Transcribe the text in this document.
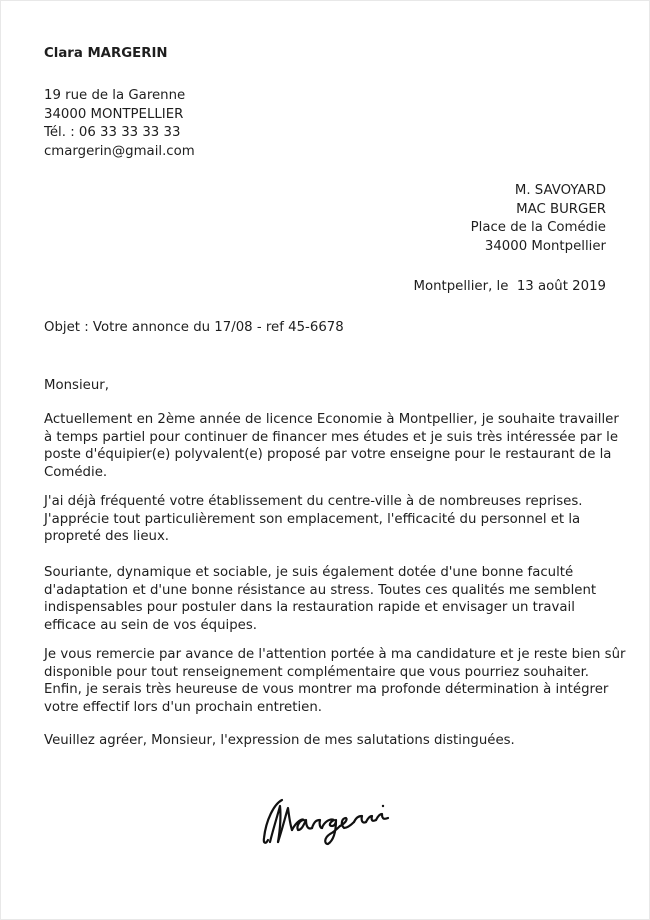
Clara MARGERIN
19 rue de la Garenne
34000 MONTPELLIER
Tél. : 06 33 33 33 33
cmargerin@gmail.com
M. SAVOYARD
MAC BURGER
Place de la Comédie
34000 Montpellier
Montpellier, le  13 août 2019
Objet : Votre annonce du 17/08 - ref 45-6678
Monsieur,
Actuellement en 2ème année de licence Economie à Montpellier, je souhaite travailler
à temps partiel pour continuer de financer mes études et je suis très intéressée par le
poste d'équipier(e) polyvalent(e) proposé par votre enseigne pour le restaurant de la
Comédie.
J'ai déjà fréquenté votre établissement du centre-ville à de nombreuses reprises.
J'apprécie tout particulièrement son emplacement, l'efficacité du personnel et la
propreté des lieux.
Souriante, dynamique et sociable, je suis également dotée d'une bonne faculté
d'adaptation et d'une bonne résistance au stress. Toutes ces qualités me semblent
indispensables pour postuler dans la restauration rapide et envisager un travail
efficace au sein de vos équipes.
Je vous remercie par avance de l'attention portée à ma candidature et je reste bien sûr
disponible pour tout renseignement complémentaire que vous pourriez souhaiter.
Enfin, je serais très heureuse de vous montrer ma profonde détermination à intégrer
votre effectif lors d'un prochain entretien.
Veuillez agréer, Monsieur, l'expression de mes salutations distinguées.
